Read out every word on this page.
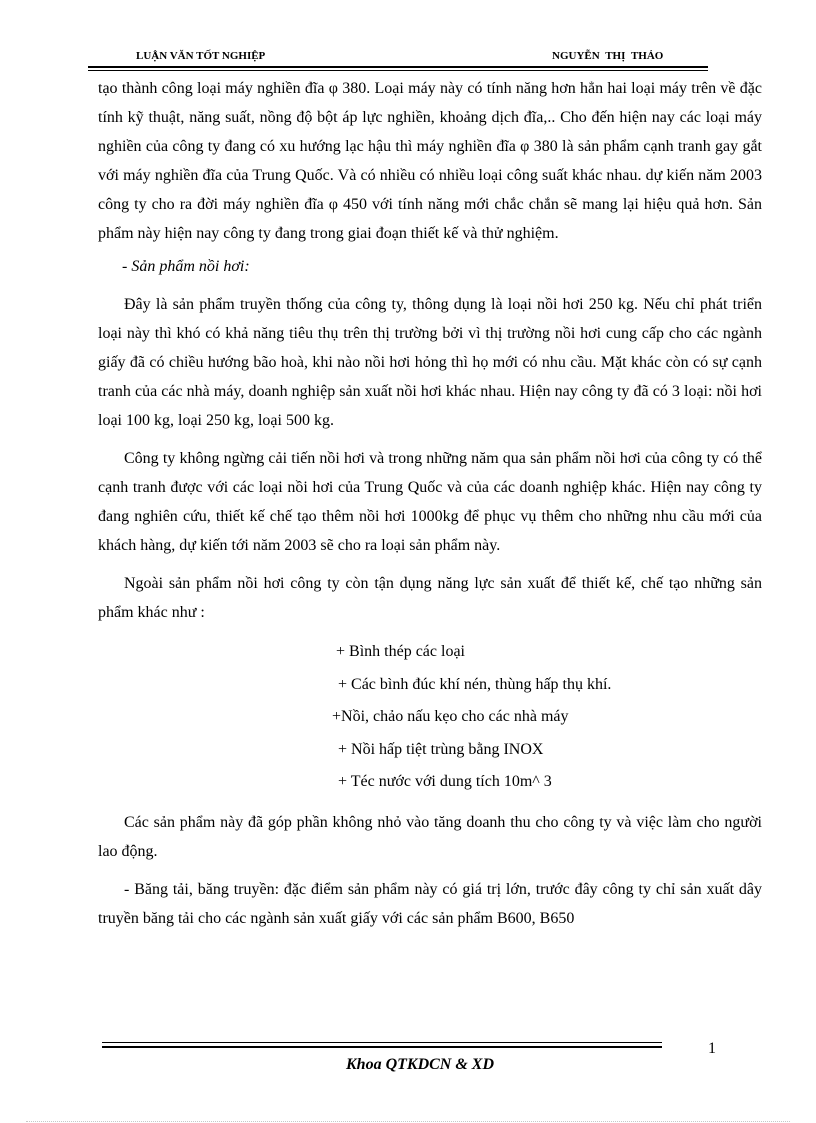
LUẬN VĂN TỐT NGHIỆP	NGUYỄN THỊ THẢO

tạo thành công loại máy nghiền đĩa φ 380. Loại máy này có tính năng hơn hẳn hai loại máy trên về đặc tính kỹ thuật, năng suất, nồng độ bột áp lực nghiền, khoảng dịch đĩa,.. Cho đến hiện nay các loại máy nghiền của công ty đang có xu hướng lạc hậu thì máy nghiền đĩa φ 380 là sản phẩm cạnh tranh gay gắt với máy nghiền đĩa của Trung Quốc. Và có nhiều có nhiều loại công suất khác nhau. dự kiến năm 2003 công ty cho ra đời máy nghiền đĩa φ 450 với tính năng mới chắc chắn sẽ mang lại hiệu quả hơn. Sản phẩm này hiện nay công ty đang trong giai đoạn thiết kế và thử nghiệm.

- Sản phẩm nồi hơi:

Đây là sản phẩm truyền thống của công ty, thông dụng là loại nồi hơi 250 kg. Nếu chỉ phát triển loại này thì khó có khả năng tiêu thụ trên thị trường bởi vì thị trường nồi hơi cung cấp cho các ngành giấy đã có chiều hướng bão hoà, khi nào nồi hơi hỏng thì họ mới có nhu cầu. Mặt khác còn có sự cạnh tranh của các nhà máy, doanh nghiệp sản xuất nồi hơi khác nhau. Hiện nay công ty đã có 3 loại: nồi hơi loại 100 kg, loại 250 kg, loại 500 kg.

Công ty không ngừng cải tiến nồi hơi và trong những năm qua sản phẩm nồi hơi của công ty có thể cạnh tranh được với các loại nồi hơi của Trung Quốc và của các doanh nghiệp khác. Hiện nay công ty đang nghiên cứu, thiết kế chế tạo thêm nồi hơi 1000kg để phục vụ thêm cho những nhu cầu mới của khách hàng, dự kiến tới năm 2003 sẽ cho ra loại sản phẩm này.

Ngoài sản phẩm nồi hơi công ty còn tận dụng năng lực sản xuất để thiết kế, chế tạo những sản phẩm khác như :

+ Bình thép các loại
+ Các bình đúc khí nén, thùng hấp thụ khí.
+Nồi, chảo nấu kẹo cho các nhà máy
+ Nồi hấp tiệt trùng bằng INOX
+ Téc nước với dung tích 10m^ 3

Các sản phẩm này đã góp phần không nhỏ vào tăng doanh thu cho công ty và việc làm cho người lao động.

- Băng tải, băng truyền: đặc điểm sản phẩm này có giá trị lớn, trước đây công ty chỉ sản xuất dây truyền băng tải cho các ngành sản xuất giấy với các sản phẩm B600, B650

1
Khoa QTKDCN & XD
